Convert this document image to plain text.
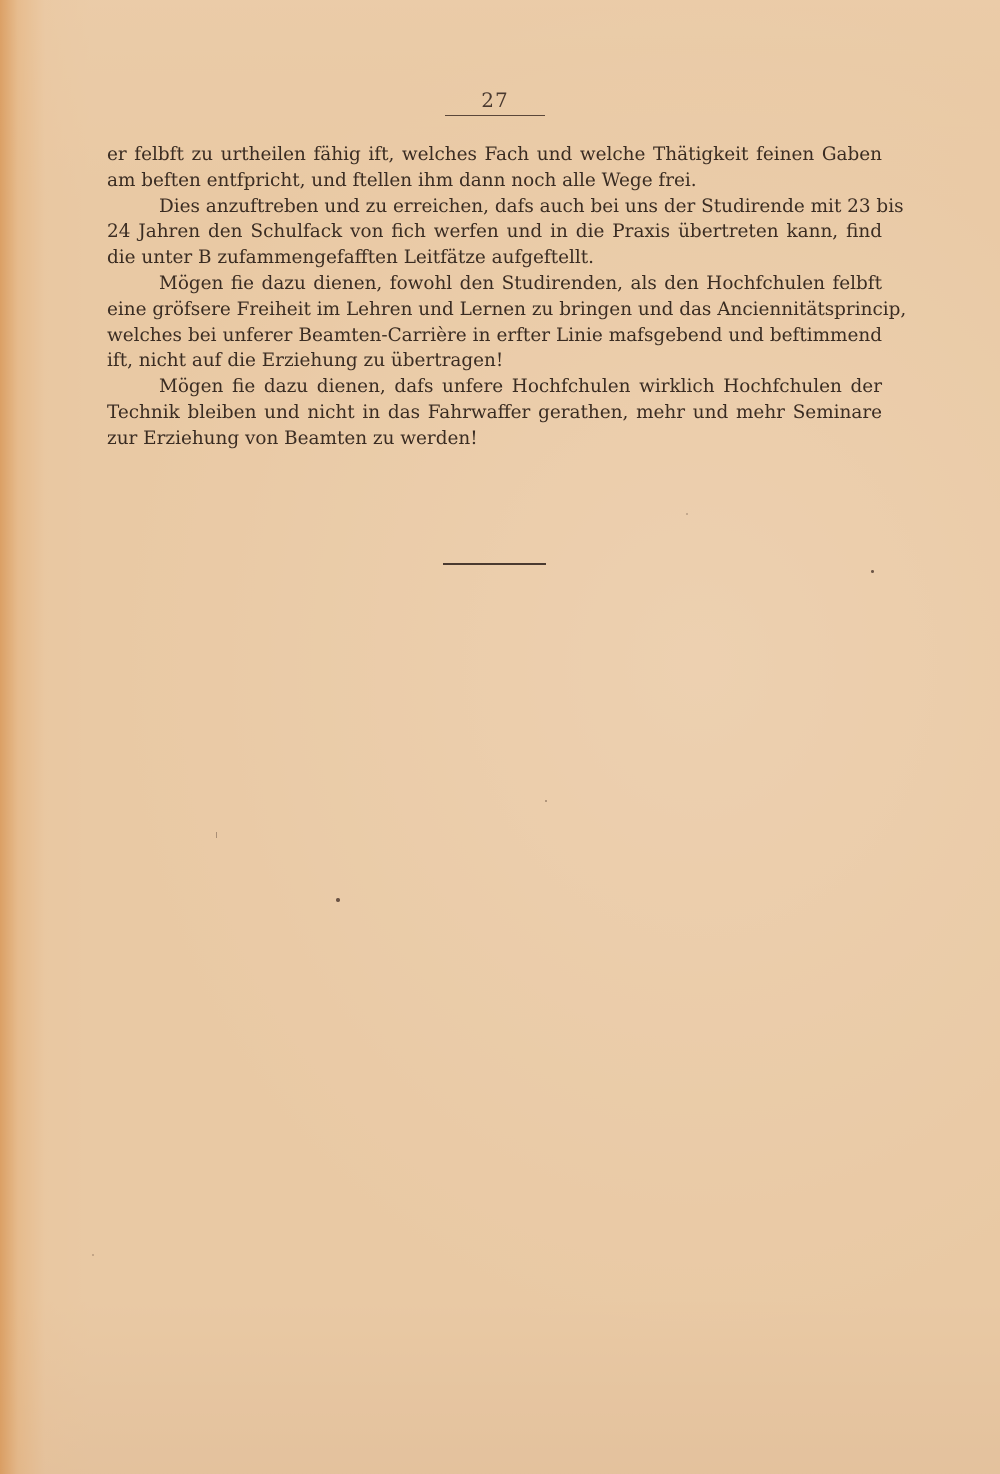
27
er felbft zu urtheilen fähig ift, welches Fach und welche Thätigkeit feinen Gaben
am beften entfpricht, und ftellen ihm dann noch alle Wege frei.
Dies anzuftreben und zu erreichen, dafs auch bei uns der Studirende mit 23 bis
24 Jahren den Schulfack von fich werfen und in die Praxis übertreten kann, find
die unter B zufammengefafften Leitfätze aufgeftellt.
Mögen fie dazu dienen, fowohl den Studirenden, als den Hochfchulen felbft
eine gröfsere Freiheit im Lehren und Lernen zu bringen und das Anciennitätsprincip,
welches bei unferer Beamten-Carrière in erfter Linie mafsgebend und beftimmend
ift, nicht auf die Erziehung zu übertragen!
Mögen fie dazu dienen, dafs unfere Hochfchulen wirklich Hochfchulen der
Technik bleiben und nicht in das Fahrwaffer gerathen, mehr und mehr Seminare
zur Erziehung von Beamten zu werden!
